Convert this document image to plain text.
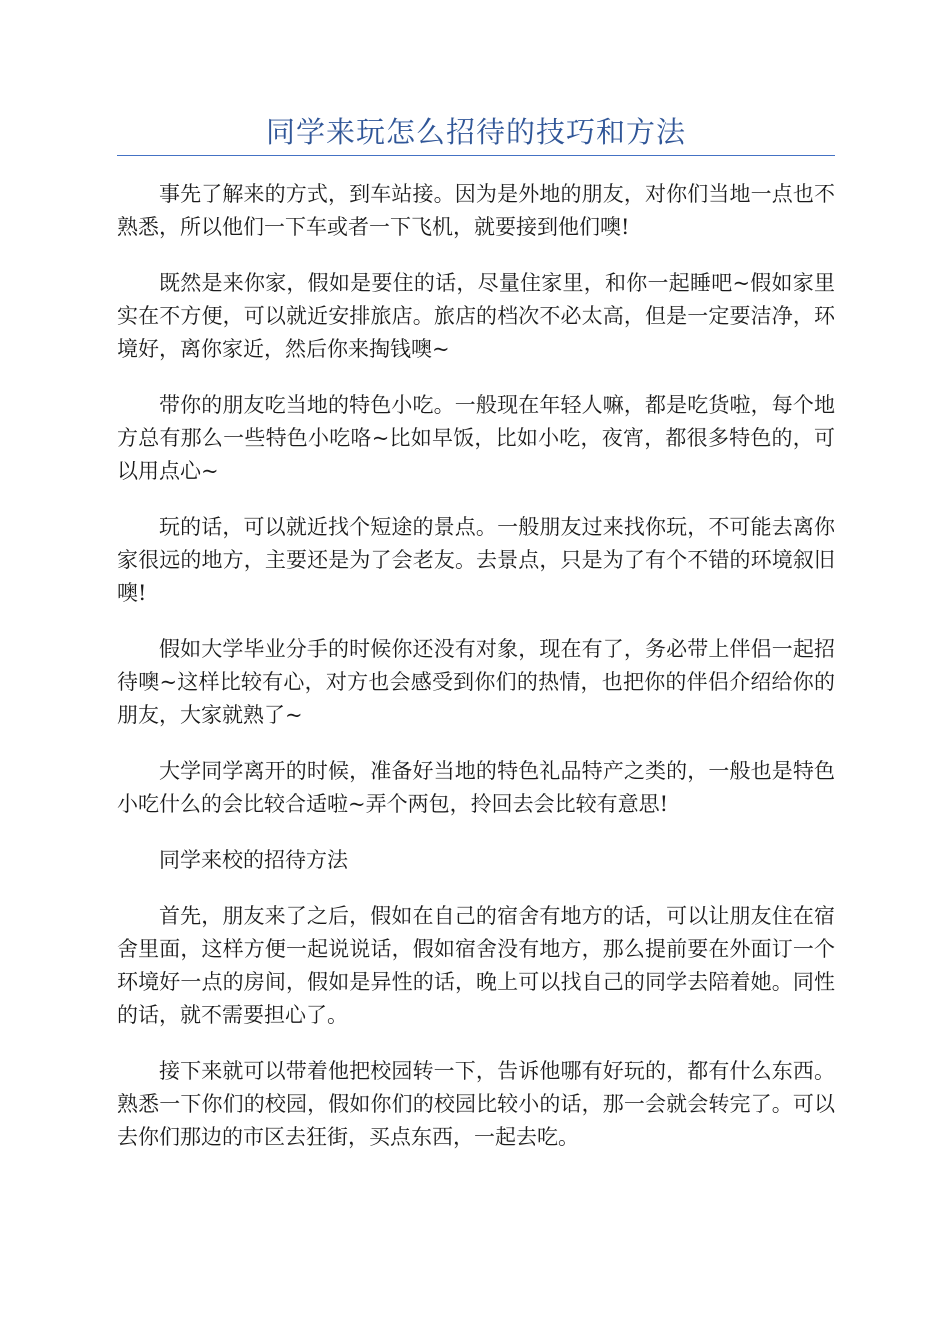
同学来玩怎么招待的技巧和方法

事先了解来的方式，到车站接。因为是外地的朋友，对你们当地一点也不熟悉，所以他们一下车或者一下飞机，就要接到他们噢!

既然是来你家，假如是要住的话，尽量住家里，和你一起睡吧~假如家里实在不方便，可以就近安排旅店。旅店的档次不必太高，但是一定要洁净，环境好，离你家近，然后你来掏钱噢~

带你的朋友吃当地的特色小吃。一般现在年轻人嘛，都是吃货啦，每个地方总有那么一些特色小吃咯~比如早饭，比如小吃，夜宵，都很多特色的，可以用点心~

玩的话，可以就近找个短途的景点。一般朋友过来找你玩，不可能去离你家很远的地方，主要还是为了会老友。去景点，只是为了有个不错的环境叙旧噢!

假如大学毕业分手的时候你还没有对象，现在有了，务必带上伴侣一起招待噢~这样比较有心，对方也会感受到你们的热情，也把你的伴侣介绍给你的朋友，大家就熟了~

大学同学离开的时候，准备好当地的特色礼品特产之类的，一般也是特色小吃什么的会比较合适啦~弄个两包，拎回去会比较有意思!

同学来校的招待方法

首先，朋友来了之后，假如在自己的宿舍有地方的话，可以让朋友住在宿舍里面，这样方便一起说说话，假如宿舍没有地方，那么提前要在外面订一个环境好一点的房间，假如是异性的话，晚上可以找自己的同学去陪着她。同性的话，就不需要担心了。

接下来就可以带着他把校园转一下，告诉他哪有好玩的，都有什么东西。熟悉一下你们的校园，假如你们的校园比较小的话，那一会就会转完了。可以去你们那边的市区去狂街，买点东西，一起去吃。
